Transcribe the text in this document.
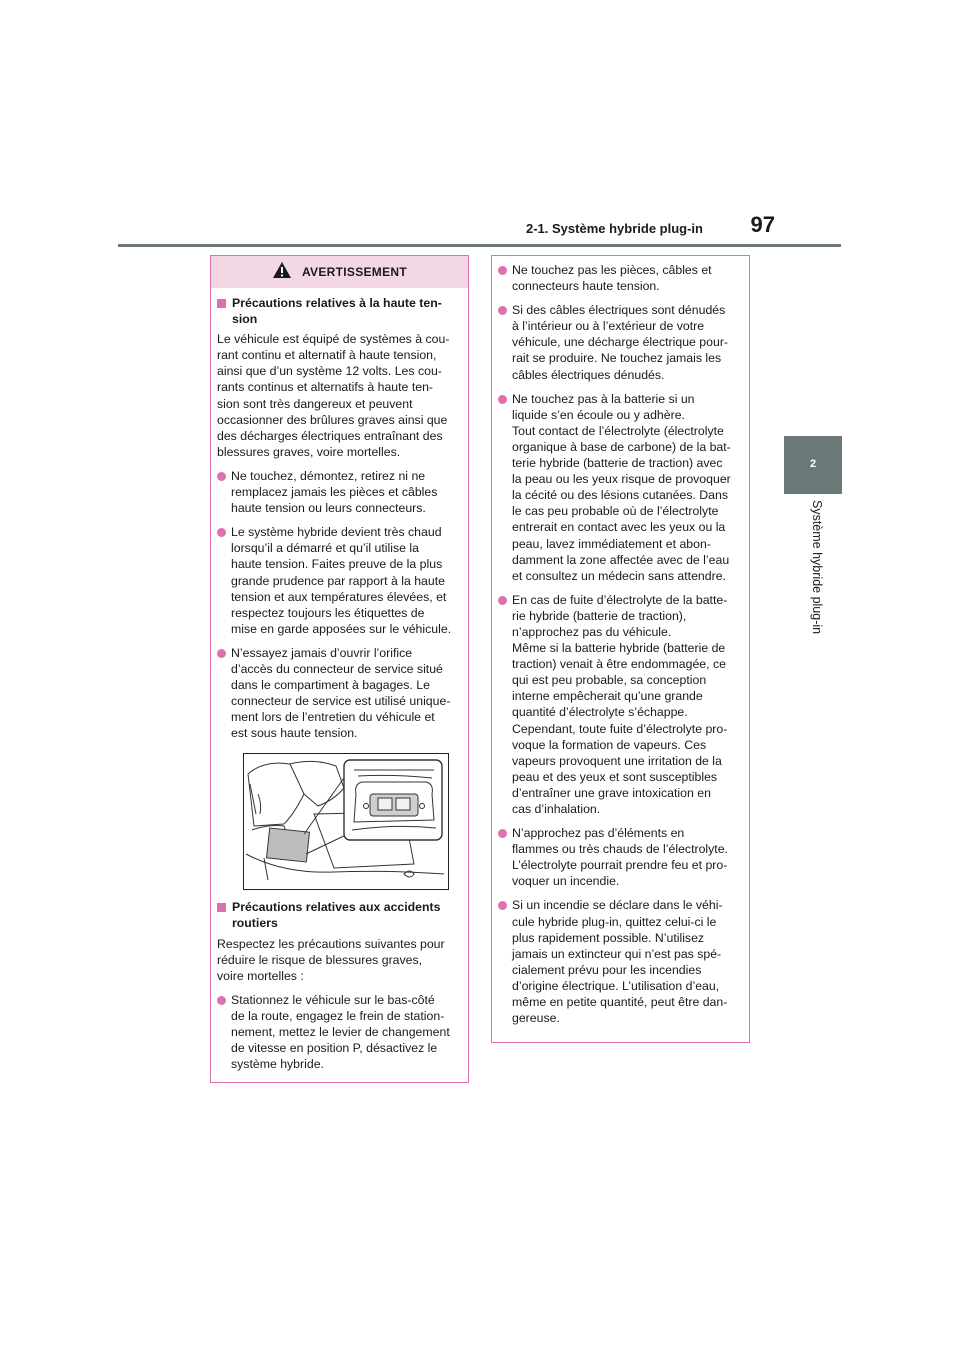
2-1. Système hybride plug-in 97
2
Système hybride plug-in
AVERTISSEMENT
Précautions relatives à la haute ten-
sion
Le véhicule est équipé de systèmes à cou-
rant continu et alternatif à haute tension,
ainsi que d’un système 12 volts. Les cou-
rants continus et alternatifs à haute ten-
sion sont très dangereux et peuvent
occasionner des brûlures graves ainsi que
des décharges électriques entraînant des
blessures graves, voire mortelles.
Ne touchez, démontez, retirez ni ne
remplacez jamais les pièces et câbles
haute tension ou leurs connecteurs.
Le système hybride devient très chaud
lorsqu’il a démarré et qu’il utilise la
haute tension. Faites preuve de la plus
grande prudence par rapport à la haute
tension et aux températures élevées, et
respectez toujours les étiquettes de
mise en garde apposées sur le véhicule.
N’essayez jamais d’ouvrir l’orifice
d’accès du connecteur de service situé
dans le compartiment à bagages. Le
connecteur de service est utilisé unique-
ment lors de l’entretien du véhicule et
est sous haute tension.
Précautions relatives aux accidents
routiers
Respectez les précautions suivantes pour
réduire le risque de blessures graves,
voire mortelles :
Stationnez le véhicule sur le bas-côté
de la route, engagez le frein de station-
nement, mettez le levier de changement
de vitesse en position P, désactivez le
système hybride.
Ne touchez pas les pièces, câbles et
connecteurs haute tension.
Si des câbles électriques sont dénudés
à l’intérieur ou à l’extérieur de votre
véhicule, une décharge électrique pour-
rait se produire. Ne touchez jamais les
câbles électriques dénudés.
Ne touchez pas à la batterie si un
liquide s’en écoule ou y adhère.
Tout contact de l’électrolyte (électrolyte
organique à base de carbone) de la bat-
terie hybride (batterie de traction) avec
la peau ou les yeux risque de provoquer
la cécité ou des lésions cutanées. Dans
le cas peu probable où de l’électrolyte
entrerait en contact avec les yeux ou la
peau, lavez immédiatement et abon-
damment la zone affectée avec de l’eau
et consultez un médecin sans attendre.
En cas de fuite d’électrolyte de la batte-
rie hybride (batterie de traction),
n’approchez pas du véhicule.
Même si la batterie hybride (batterie de
traction) venait à être endommagée, ce
qui est peu probable, sa conception
interne empêcherait qu’une grande
quantité d’électrolyte s’échappe.
Cependant, toute fuite d’électrolyte pro-
voque la formation de vapeurs. Ces
vapeurs provoquent une irritation de la
peau et des yeux et sont susceptibles
d’entraîner une grave intoxication en
cas d’inhalation.
N’approchez pas d’éléments en
flammes ou très chauds de l’électrolyte.
L’électrolyte pourrait prendre feu et pro-
voquer un incendie.
Si un incendie se déclare dans le véhi-
cule hybride plug-in, quittez celui-ci le
plus rapidement possible. N’utilisez
jamais un extincteur qui n’est pas spé-
cialement prévu pour les incendies
d’origine électrique. L’utilisation d’eau,
même en petite quantité, peut être dan-
gereuse.
